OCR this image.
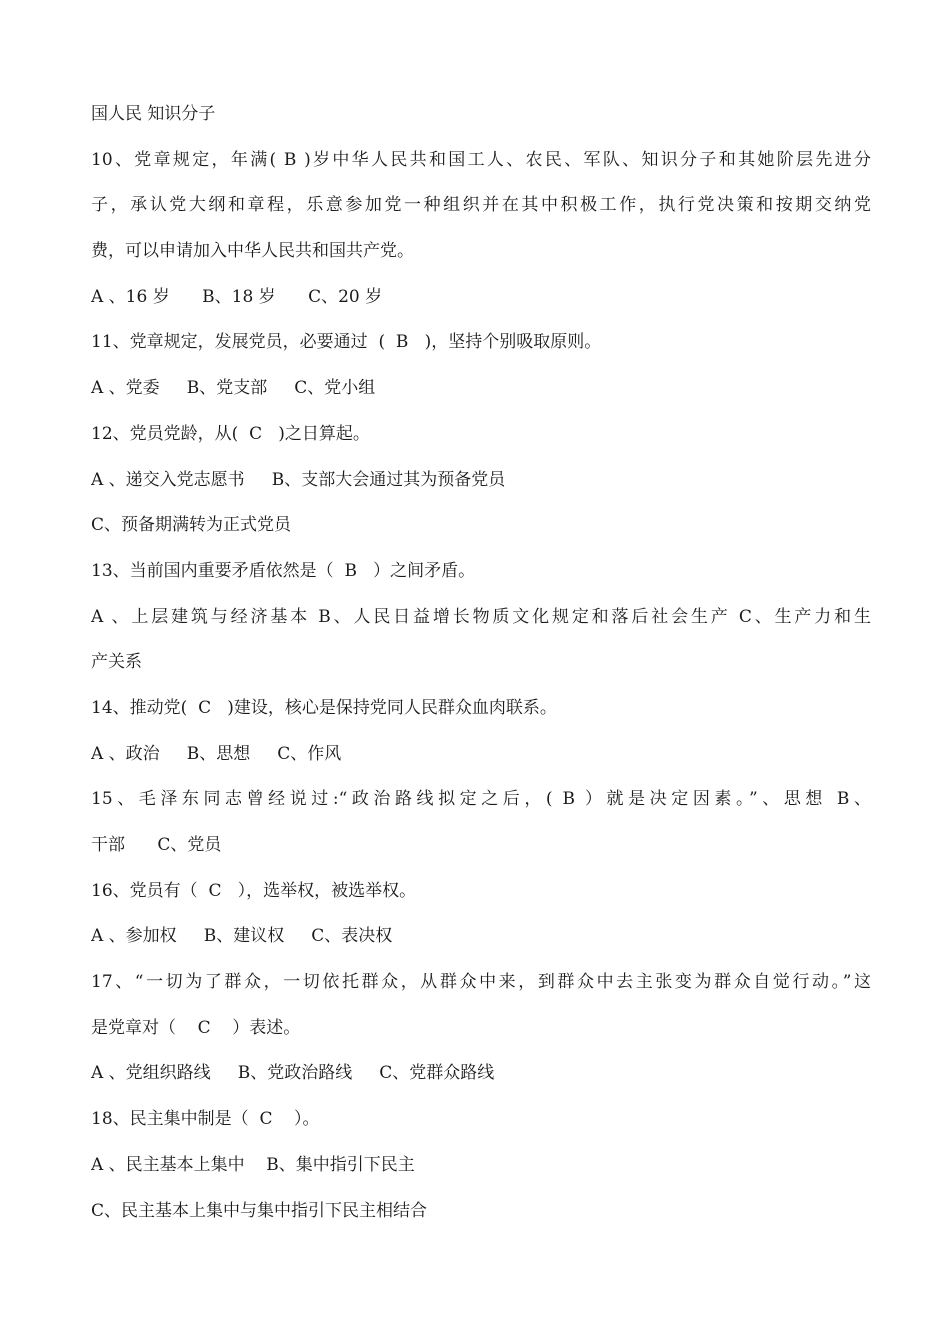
国人民 知识分子
10、党章规定，年满( B )岁中华人民共和国工人、农民、军队、知识分子和其她阶层先进分
子，承认党大纲和章程，乐意参加党一种组织并在其中积极工作，执行党决策和按期交纳党
费，可以申请加入中华人民共和国共产党。
A 、16 岁      B、18 岁      C、20 岁
11、党章规定，发展党员，必要通过  (  B   )，坚持个别吸取原则。
A 、党委     B、党支部     C、党小组
12、党员党龄，从(  C   )之日算起。
A 、递交入党志愿书     B、支部大会通过其为预备党员
C、预备期满转为正式党员
13、当前国内重要矛盾依然是（  B   ）之间矛盾。
A 、上层建筑与经济基本 B、人民日益增长物质文化规定和落后社会生产 C、生产力和生
产关系
14、推动党(  C   )建设，核心是保持党同人民群众血肉联系。
A 、政治     B、思想     C、作风
15、毛泽东同志曾经说过:“政治路线拟定之后，( B ）就是决定因素。”、思想 B、
干部      C、党员
16、党员有（  C   ），选举权，被选举权。
A 、参加权     B、建议权     C、表决权
17、“一切为了群众，一切依托群众，从群众中来，到群众中去主张变为群众自觉行动。”这
是党章对（    C    ）表述。
A 、党组织路线     B、党政治路线     C、党群众路线
18、民主集中制是（  C    ）。
A 、民主基本上集中    B、集中指引下民主
C、民主基本上集中与集中指引下民主相结合
